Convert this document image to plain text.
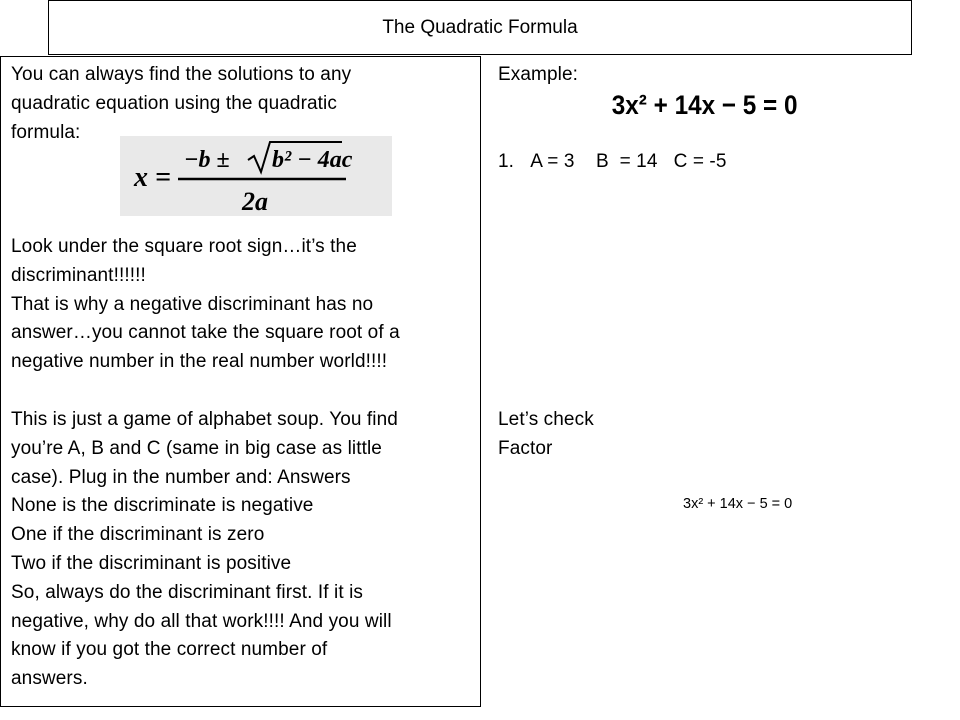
The Quadratic Formula
You can always find the solutions to any
quadratic equation using the quadratic
formula:
x =
−b ± b² − 4ac
2a
Look under the square root sign…it’s the
discriminant!!!!!!
That is why a negative discriminant has no
answer…you cannot take the square root of a
negative number in the real number world!!!!
This is just a game of alphabet soup. You find
you’re A, B and C (same in big case as little
case). Plug in the number and: Answers
None is the discriminate is negative
One if the discriminant is zero
Two if the discriminant is positive
So, always do the discriminant first. If it is
negative, why do all that work!!!! And you will
know if you got the correct number of
answers.
Example:
3x² + 14x − 5 = 0
1. A = 3    B  = 14   C = -5
Let’s check
Factor
3x² + 14x − 5 = 0
